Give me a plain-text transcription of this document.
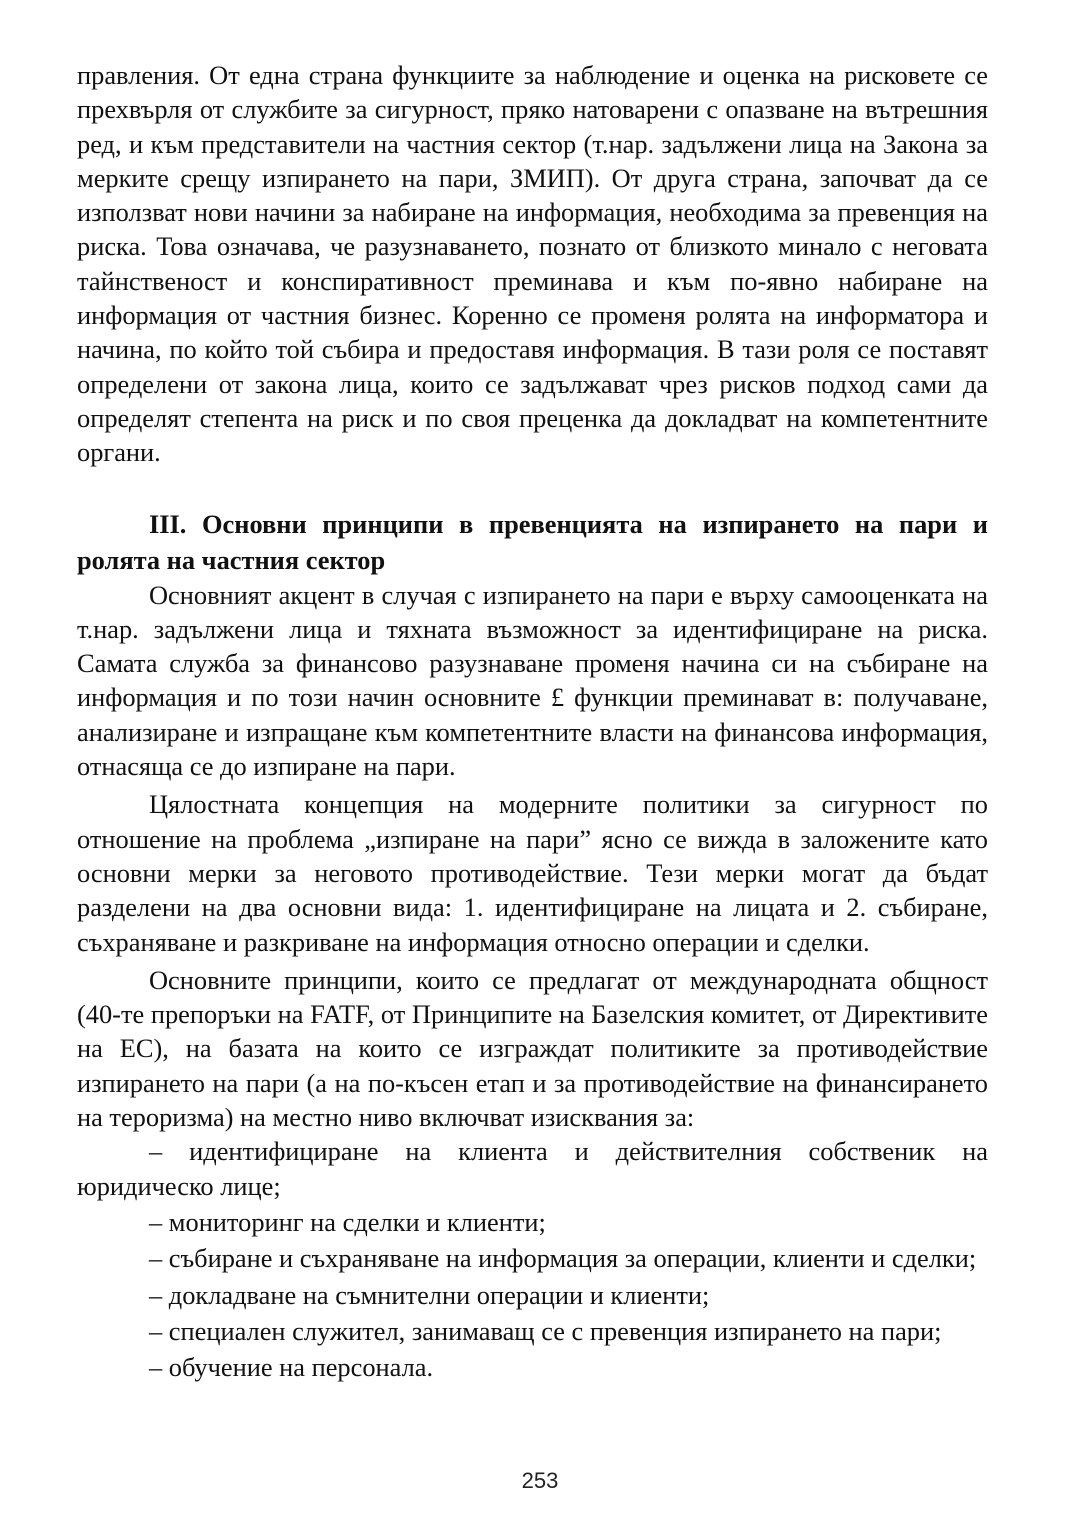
правления. От една страна функциите за наблюдение и оценка на рисковете се прехвърля от службите за сигурност, пряко натоварени с опазване на вътрешния ред, и към представители на частния сектор (т.нар. задължени лица на Закона за мерките срещу изпирането на пари, ЗМИП). От друга страна, започват да се използват нови начини за набиране на информация, необходима за превенция на риска. Това означава, че разузнаването, познато от близкото минало с неговата тайнственост и конспиративност преминава и към по-явно набиране на информация от частния бизнес. Коренно се променя ролята на информатора и начина, по който той събира и предоставя информация. В тази роля се поставят определени от закона лица, които се задължават чрез рисков подход сами да определят степента на риск и по своя преценка да докладват на компетентните органи.

III. Основни принципи в превенцията на изпирането на пари и ролята на частния сектор

Основният акцент в случая с изпирането на пари е върху самооценката на т.нар. задължени лица и тяхната възможност за идентифициране на риска. Самата служба за финансово разузнаване променя начина си на събиране на информация и по този начин основните £ функции преминават в: получаване, анализиране и изпращане към компетентните власти на финансова информация, отнасяща се до изпиране на пари.

Цялостната концепция на модерните политики за сигурност по отношение на проблема „изпиране на пари” ясно се вижда в заложените като основни мерки за неговото противодействие. Тези мерки могат да бъдат разделени на два основни вида: 1. идентифициране на лицата и 2. събиране, съхраняване и разкриване на информация относно операции и сделки.

Основните принципи, които се предлагат от международната общност (40-те препоръки на FATF, от Принципите на Базелския комитет, от Директивите на ЕС), на базата на които се изграждат политиките за противодействие изпирането на пари (а на по-късен етап и за противодействие на финансирането на тероризма) на местно ниво включват изисквания за:

– идентифициране на клиента и действителния собственик на юридическо лице;

– мониторинг на сделки и клиенти;

– събиране и съхраняване на информация за операции, клиенти и сделки;

– докладване на съмнителни операции и клиенти;

– специален служител, занимаващ се с превенция изпирането на пари;

– обучение на персонала.

253
